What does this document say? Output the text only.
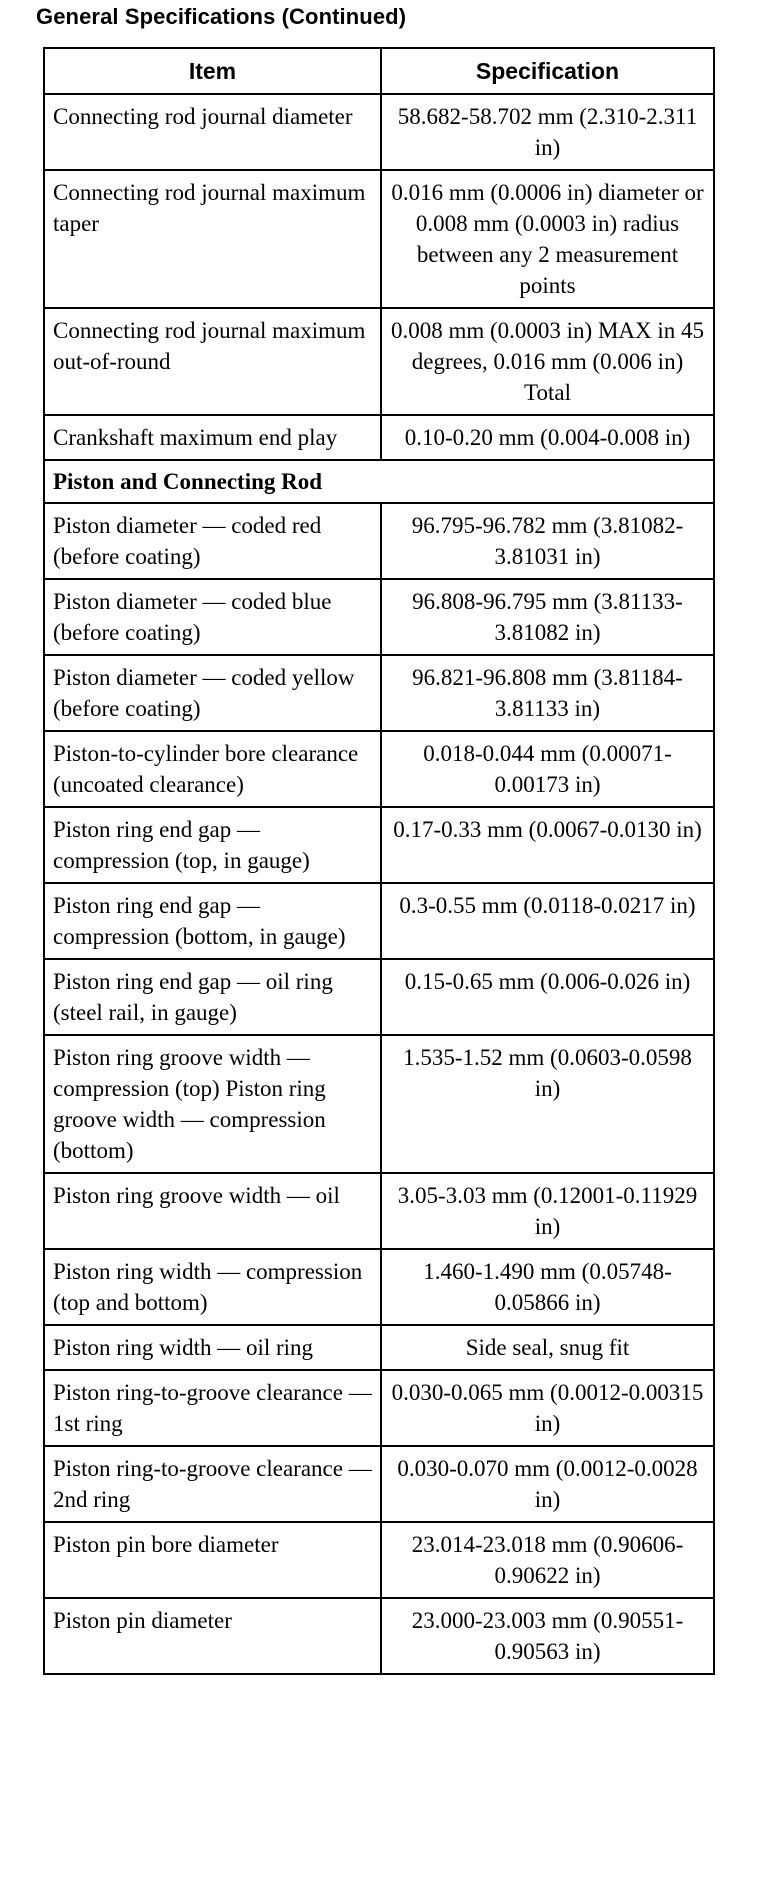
General Specifications (Continued)
Item	Specification
Connecting rod journal diameter	58.682-58.702 mm (2.310-2.311 in)
Connecting rod journal maximum taper	0.016 mm (0.0006 in) diameter or 0.008 mm (0.0003 in) radius between any 2 measurement points
Connecting rod journal maximum out-of-round	0.008 mm (0.0003 in) MAX in 45 degrees, 0.016 mm (0.006 in) Total
Crankshaft maximum end play	0.10-0.20 mm (0.004-0.008 in)
Piston and Connecting Rod	
Piston diameter — coded red (before coating)	96.795-96.782 mm (3.81082-3.81031 in)
Piston diameter — coded blue (before coating)	96.808-96.795 mm (3.81133-3.81082 in)
Piston diameter — coded yellow (before coating)	96.821-96.808 mm (3.81184-3.81133 in)
Piston-to-cylinder bore clearance (uncoated clearance)	0.018-0.044 mm (0.00071-0.00173 in)
Piston ring end gap — compression (top, in gauge)	0.17-0.33 mm (0.0067-0.0130 in)
Piston ring end gap — compression (bottom, in gauge)	0.3-0.55 mm (0.0118-0.0217 in)
Piston ring end gap — oil ring (steel rail, in gauge)	0.15-0.65 mm (0.006-0.026 in)
Piston ring groove width — compression (top) Piston ring groove width — compression (bottom)	1.535-1.52 mm (0.0603-0.0598 in)
Piston ring groove width — oil	3.05-3.03 mm (0.12001-0.11929 in)
Piston ring width — compression (top and bottom)	1.460-1.490 mm (0.05748-0.05866 in)
Piston ring width — oil ring	Side seal, snug fit
Piston ring-to-groove clearance — 1st ring	0.030-0.065 mm (0.0012-0.00315 in)
Piston ring-to-groove clearance — 2nd ring	0.030-0.070 mm (0.0012-0.0028 in)
Piston pin bore diameter	23.014-23.018 mm (0.90606-0.90622 in)
Piston pin diameter	23.000-23.003 mm (0.90551-0.90563 in)
